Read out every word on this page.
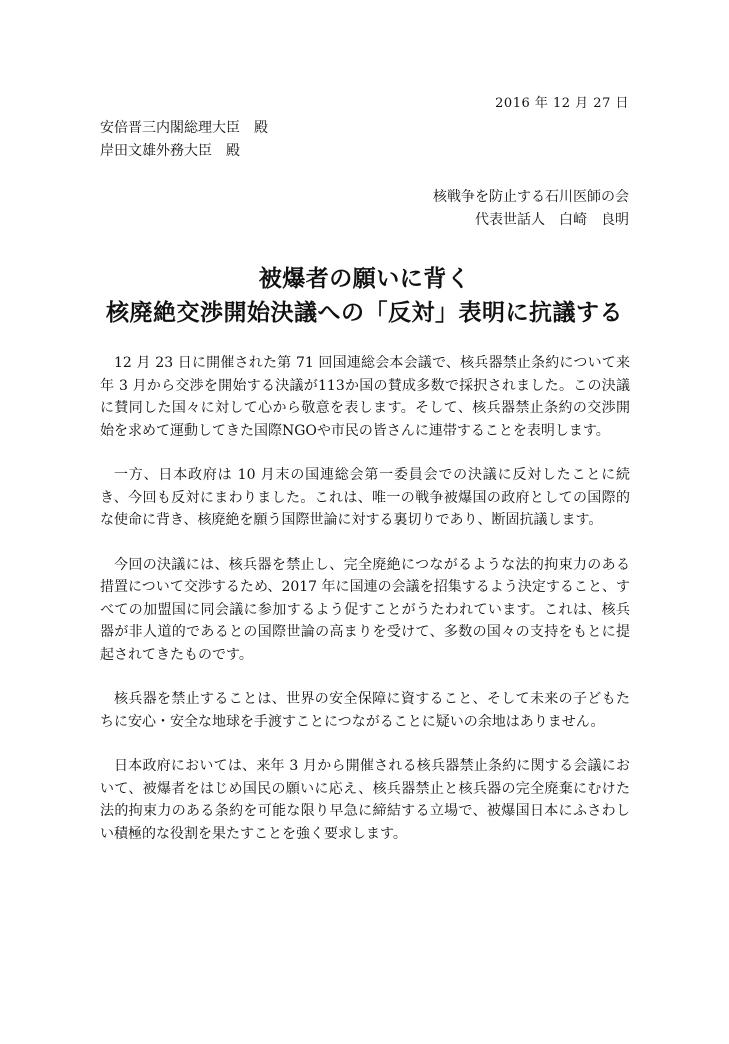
2016 年 12 月 27 日
安倍晋三内閣総理大臣　殿
岸田文雄外務大臣　殿
核戦争を防止する石川医師の会
代表世話人　白崎　良明
被爆者の願いに背く
核廃絶交渉開始決議への「反対」表明に抗議する

12 月 23 日に開催された第 71 回国連総会本会議で、核兵器禁止条約について来年 3 月から交渉を開始する決議が113か国の賛成多数で採択されました。この決議に賛同した国々に対して心から敬意を表します。そして、核兵器禁止条約の交渉開始を求めて運動してきた国際NGOや市民の皆さんに連帯することを表明します。

一方、日本政府は 10 月末の国連総会第一委員会での決議に反対したことに続き、今回も反対にまわりました。これは、唯一の戦争被爆国の政府としての国際的な使命に背き、核廃絶を願う国際世論に対する裏切りであり、断固抗議します。

今回の決議には、核兵器を禁止し、完全廃絶につながるような法的拘束力のある措置について交渉するため、2017 年に国連の会議を招集するよう決定すること、すべての加盟国に同会議に参加するよう促すことがうたわれています。これは、核兵器が非人道的であるとの国際世論の高まりを受けて、多数の国々の支持をもとに提起されてきたものです。

核兵器を禁止することは、世界の安全保障に資すること、そして未来の子どもたちに安心・安全な地球を手渡すことにつながることに疑いの余地はありません。

日本政府においては、来年 3 月から開催される核兵器禁止条約に関する会議において、被爆者をはじめ国民の願いに応え、核兵器禁止と核兵器の完全廃棄にむけた法的拘束力のある条約を可能な限り早急に締結する立場で、被爆国日本にふさわしい積極的な役割を果たすことを強く要求します。
